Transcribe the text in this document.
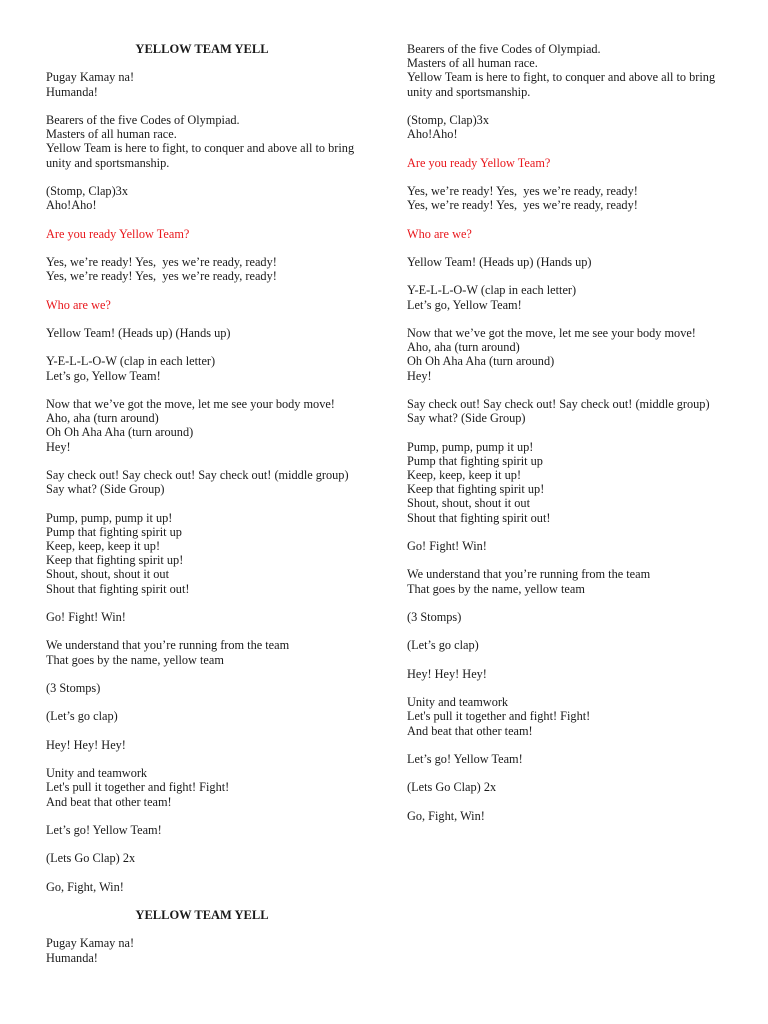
YELLOW TEAM YELL
Pugay Kamay na!
Humanda!
Bearers of the five Codes of Olympiad.
Masters of all human race.
Yellow Team is here to fight, to conquer and above all to bring unity and sportsmanship.
(Stomp, Clap)3x
Aho!Aho!
Are you ready Yellow Team?
Yes, we’re ready! Yes,  yes we’re ready, ready!
Yes, we’re ready! Yes,  yes we’re ready, ready!
Who are we?
Yellow Team! (Heads up) (Hands up)
Y-E-L-L-O-W (clap in each letter)
Let’s go, Yellow Team!
Now that we’ve got the move, let me see your body move!
Aho, aha (turn around)
Oh Oh Aha Aha (turn around)
Hey!
Say check out! Say check out! Say check out! (middle group)
Say what? (Side Group)
Pump, pump, pump it up!
Pump that fighting spirit up
Keep, keep, keep it up!
Keep that fighting spirit up!
Shout, shout, shout it out
Shout that fighting spirit out!
Go! Fight! Win!
We understand that you’re running from the team
That goes by the name, yellow team
(3 Stomps)
(Let’s go clap)
Hey! Hey! Hey!
Unity and teamwork
Let's pull it together and fight! Fight!
And beat that other team!
Let’s go! Yellow Team!
(Lets Go Clap) 2x
Go, Fight, Win!
YELLOW TEAM YELL
Pugay Kamay na!
Humanda!
Bearers of the five Codes of Olympiad.
Masters of all human race.
Yellow Team is here to fight, to conquer and above all to bring unity and sportsmanship.
(Stomp, Clap)3x
Aho!Aho!
Are you ready Yellow Team?
Yes, we’re ready! Yes,  yes we’re ready, ready!
Yes, we’re ready! Yes,  yes we’re ready, ready!
Who are we?
Yellow Team! (Heads up) (Hands up)
Y-E-L-L-O-W (clap in each letter)
Let’s go, Yellow Team!
Now that we’ve got the move, let me see your body move!
Aho, aha (turn around)
Oh Oh Aha Aha (turn around)
Hey!
Say check out! Say check out! Say check out! (middle group)
Say what? (Side Group)
Pump, pump, pump it up!
Pump that fighting spirit up
Keep, keep, keep it up!
Keep that fighting spirit up!
Shout, shout, shout it out
Shout that fighting spirit out!
Go! Fight! Win!
We understand that you’re running from the team
That goes by the name, yellow team
(3 Stomps)
(Let’s go clap)
Hey! Hey! Hey!
Unity and teamwork
Let's pull it together and fight! Fight!
And beat that other team!
Let’s go! Yellow Team!
(Lets Go Clap) 2x
Go, Fight, Win!
